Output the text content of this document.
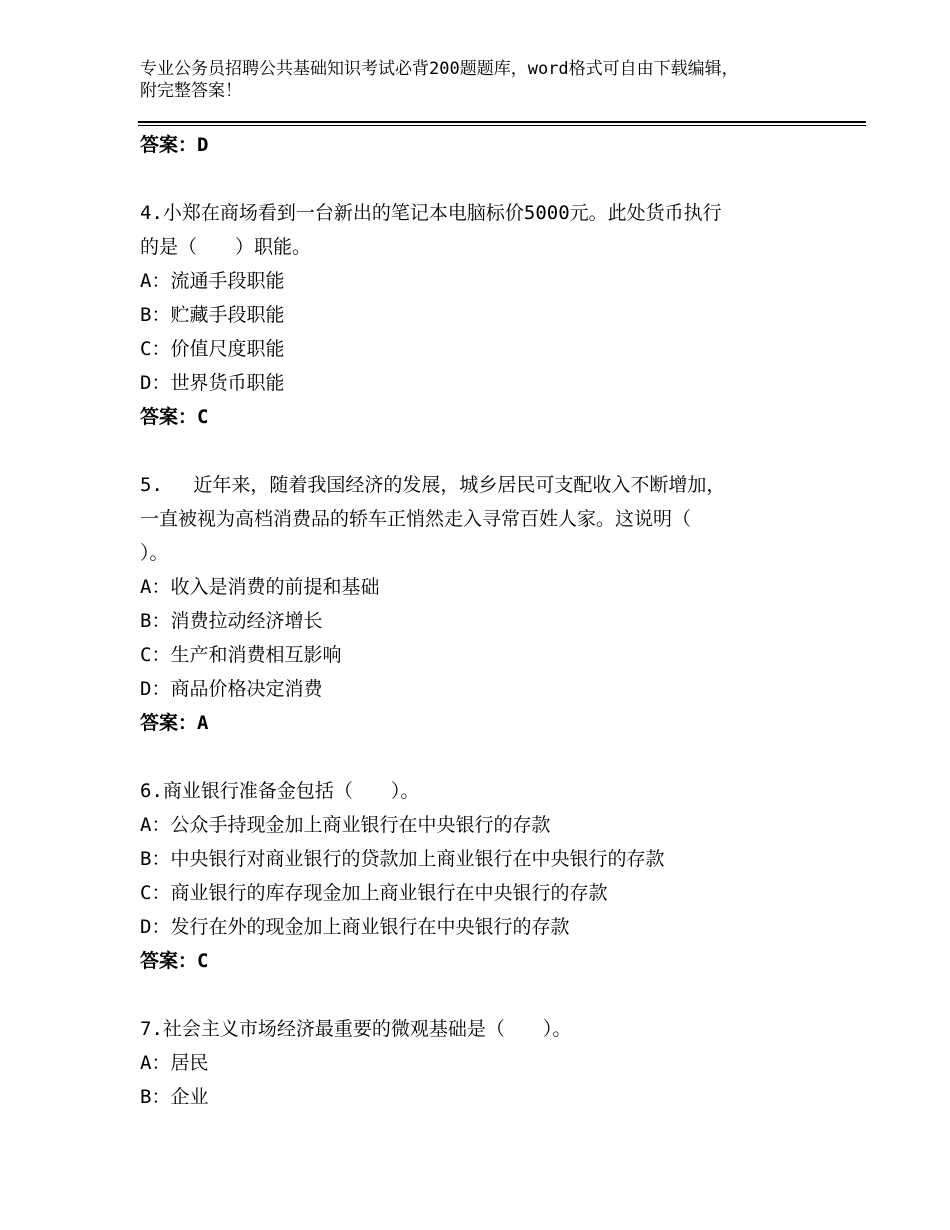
专业公务员招聘公共基础知识考试必背200题题库，word格式可自由下载编辑，
附完整答案！
答案：D
4.小郑在商场看到一台新出的笔记本电脑标价5000元。此处货币执行
的是（　　）职能。
A：流通手段职能
B：贮藏手段职能
C：价值尺度职能
D：世界货币职能
答案：C
5.　 近年来，随着我国经济的发展，城乡居民可支配收入不断增加，
一直被视为高档消费品的轿车正悄然走入寻常百姓人家。这说明（
）。
A：收入是消费的前提和基础
B：消费拉动经济增长
C：生产和消费相互影响
D：商品价格决定消费
答案：A
6.商业银行准备金包括（　　）。
A：公众手持现金加上商业银行在中央银行的存款
B：中央银行对商业银行的贷款加上商业银行在中央银行的存款
C：商业银行的库存现金加上商业银行在中央银行的存款
D：发行在外的现金加上商业银行在中央银行的存款
答案：C
7.社会主义市场经济最重要的微观基础是（　　）。
A：居民
B：企业
